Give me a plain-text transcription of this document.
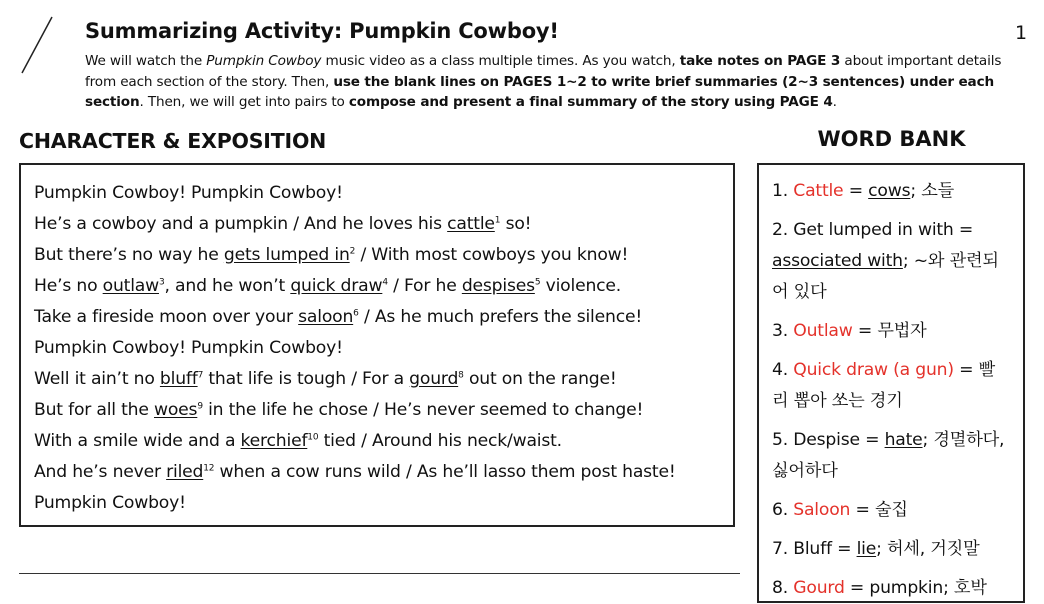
Summarizing Activity: Pumpkin Cowboy!	1
We will watch the Pumpkin Cowboy music video as a class multiple times. As you watch, take notes on PAGE 3 about important details from each section of the story. Then, use the blank lines on PAGES 1~2 to write brief summaries (2~3 sentences) under each section. Then, we will get into pairs to compose and present a final summary of the story using PAGE 4.
CHARACTER & EXPOSITION	WORD BANK
Pumpkin Cowboy! Pumpkin Cowboy!
He’s a cowboy and a pumpkin / And he loves his cattle$^1$ so!
But there’s no way he gets lumped $in^2$ / With most cowboys you know!
He’s no outlaw$^3$, and he won’t quick draw$^4$ / For he despises$^5$ violence.
Take a fireside moon over your saloon$^6$ / As he much prefers the silence!
Pumpkin Cowboy! Pumpkin Cowboy!
Well it ain’t no bluff$^7$ that life is tough / For a gourd$^8$ out on the range!
But for all the woes$^9$ in the life he chose / He’s never seemed to change!
With a smile wide and a kerchief$^{10}$ tied / Around his neck/waist.
And he’s never riled$^{12}$ when a cow runs wild / As he’ll lasso them post haste!
Pumpkin Cowboy!
1. Cattle = cows; 소들
2. Get lumped in with =
associated with; ~와 관련되어 있다
3. Outlaw = 무법자
4. Quick draw (a gun) = 빨리 뽑아 쏘는 경기
5. Despise = hate; 경멸하다, 싫어하다
6. Saloon = 술집
7. Bluff = lie; 허세, 거짓말
8. Gourd = pumpkin; 호박
